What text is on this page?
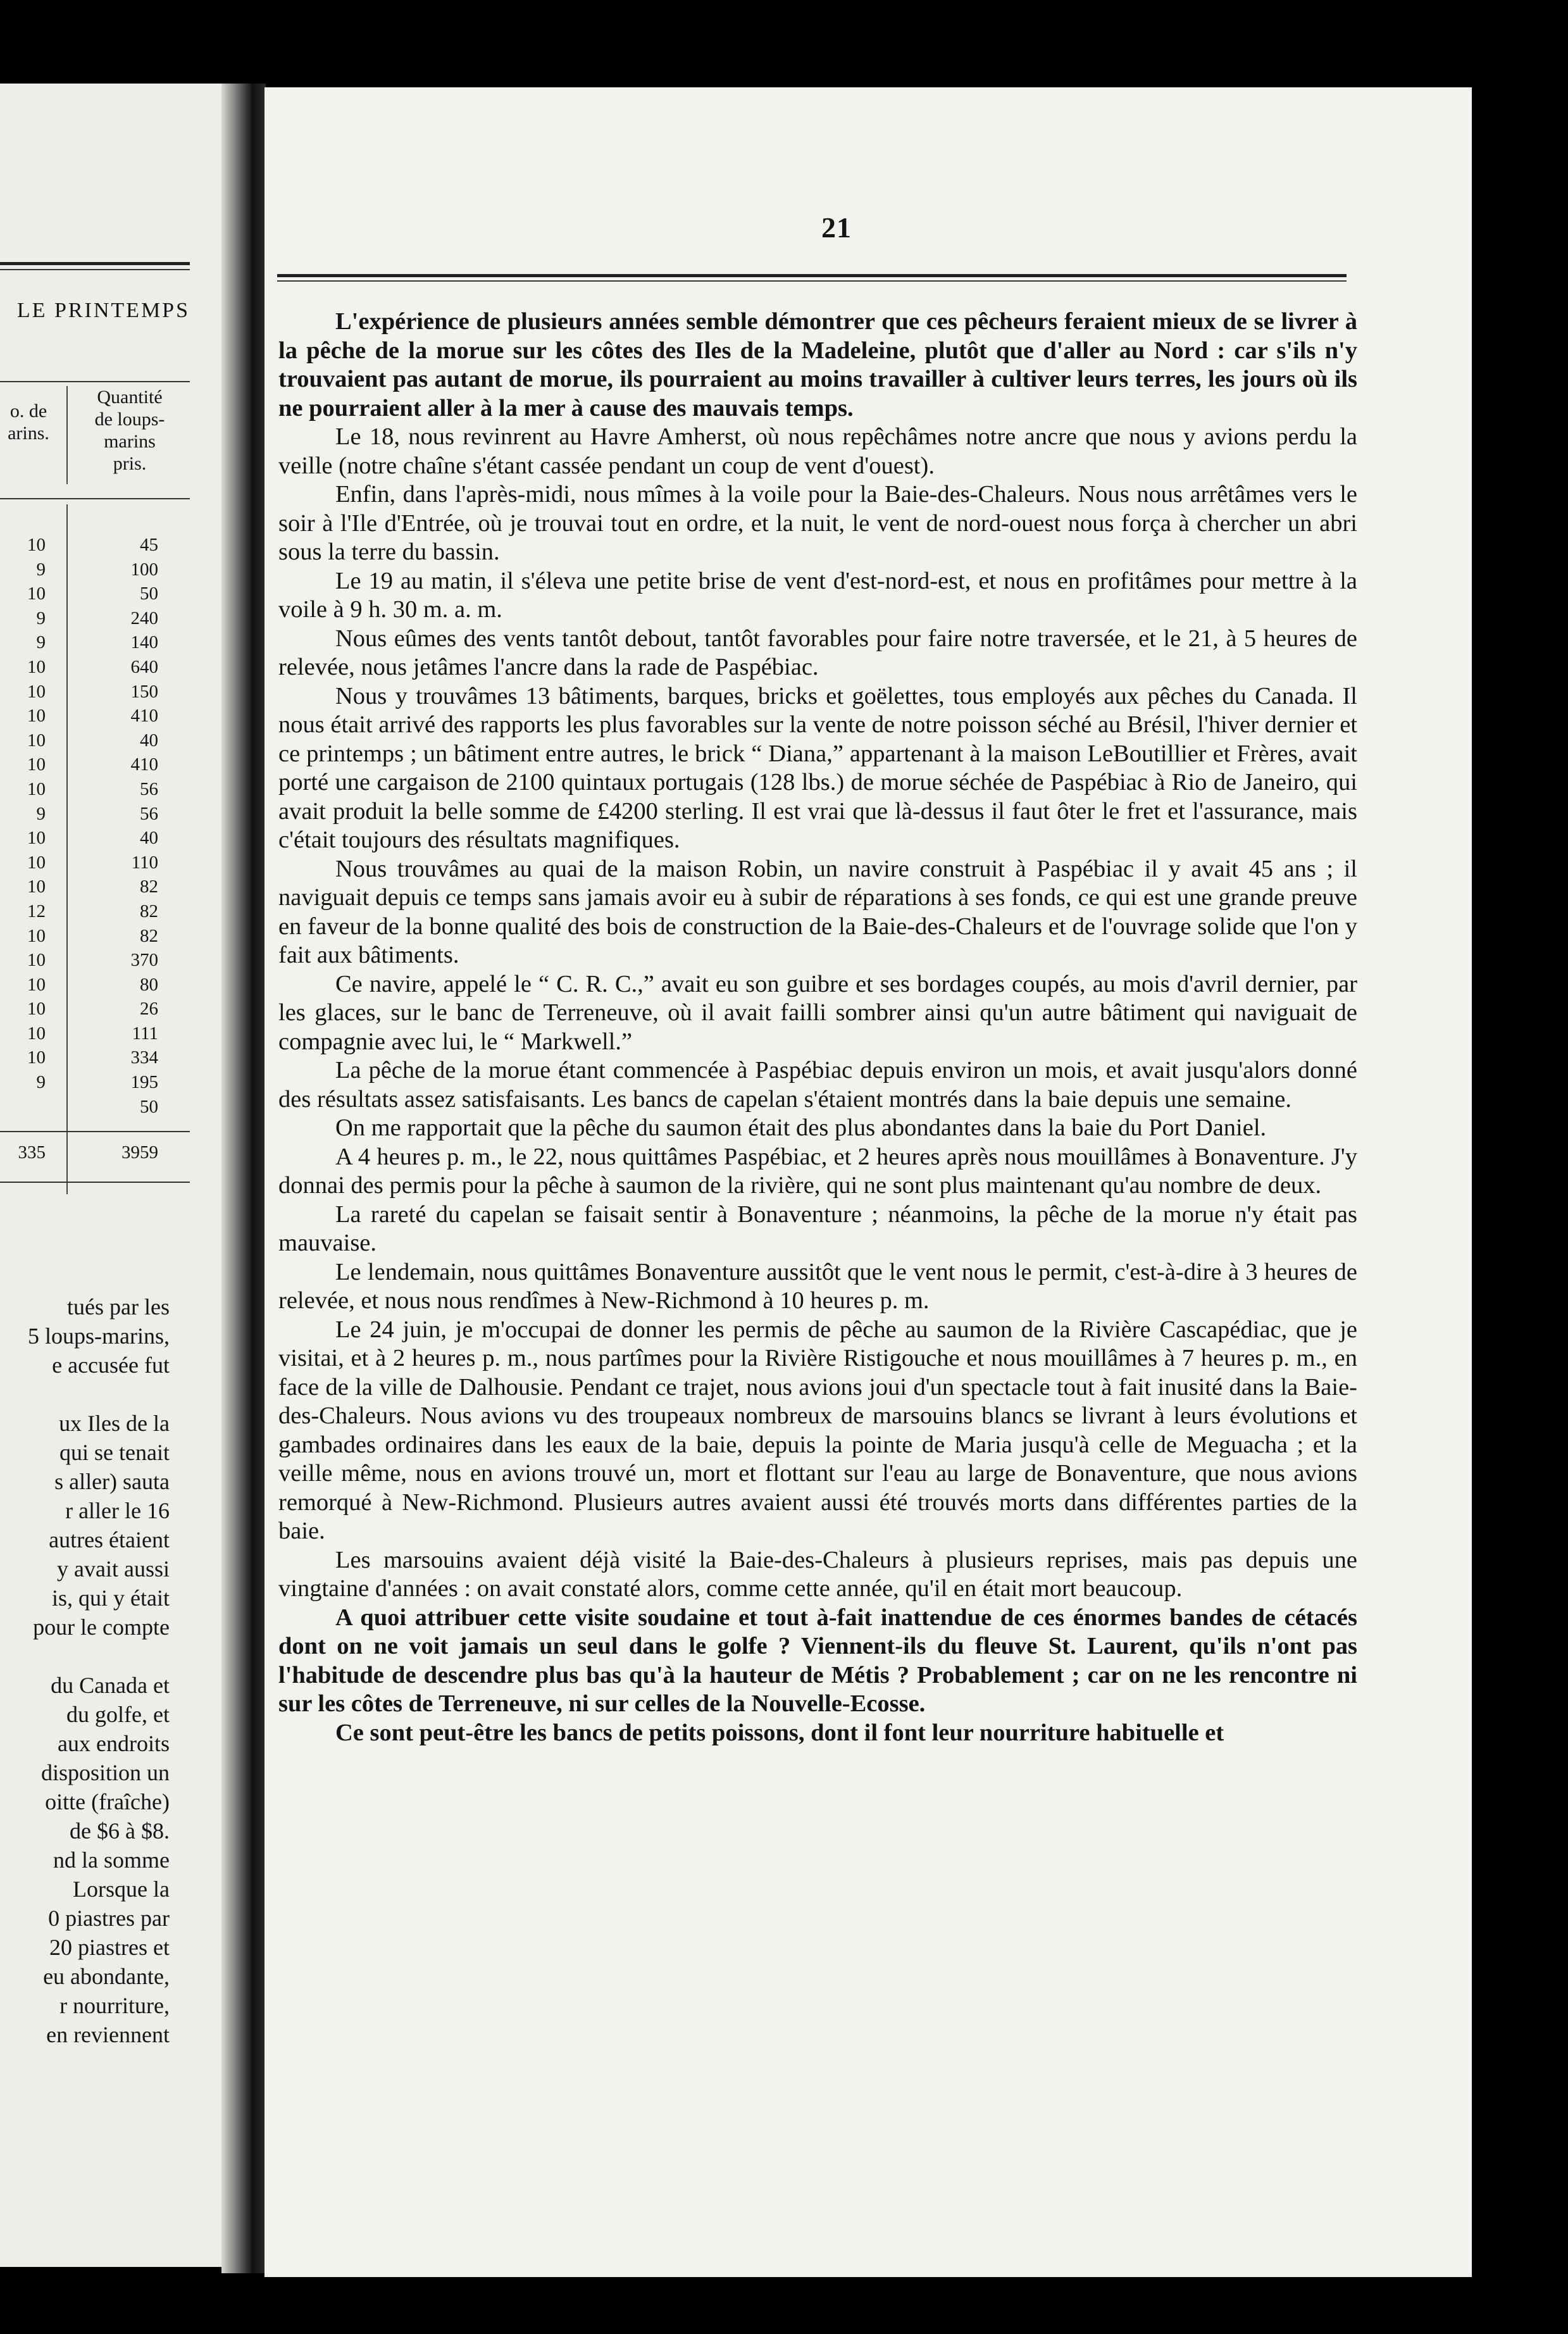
LE PRINTEMPS
o. de
arins.
Quantité
de loups-
marins
pris.
10
9
10
9
9
10
10
10
10
10
10
9
10
10
10
12
10
10
10
10
10
10
9
45
100
50
240
140
640
150
410
40
410
56
56
40
110
82
82
82
370
80
26
111
334
195
50
335	3959
tués par les
5 loups-marins,
e accusée fut

ux Iles de la
qui se tenait
s aller) sauta
r aller le 16
autres étaient
y avait aussi
is, qui y était
pour le compte

du Canada et
du golfe, et
aux endroits
disposition un
oitte (fraîche)
de $6 à $8.
nd la somme
Lorsque la
0 piastres par
20 piastres et
eu abondante,
r nourriture,
en reviennent
21

L'expérience de plusieurs années semble démontrer que ces pêcheurs feraient mieux de se livrer à la pêche de la morue sur les côtes des Iles de la Madeleine, plutôt que d'aller au Nord : car s'ils n'y trouvaient pas autant de morue, ils pourraient au moins travailler à cultiver leurs terres, les jours où ils ne pourraient aller à la mer à cause des mauvais temps.

Le 18, nous revinrent au Havre Amherst, où nous repêchâmes notre ancre que nous y avions perdu la veille (notre chaîne s'étant cassée pendant un coup de vent d'ouest).

Enfin, dans l'après-midi, nous mîmes à la voile pour la Baie-des-Chaleurs. Nous nous arrêtâmes vers le soir à l'Ile d'Entrée, où je trouvai tout en ordre, et la nuit, le vent de nord-ouest nous força à chercher un abri sous la terre du bassin.

Le 19 au matin, il s'éleva une petite brise de vent d'est-nord-est, et nous en profitâmes pour mettre à la voile à 9 h. 30 m. a. m.

Nous eûmes des vents tantôt debout, tantôt favorables pour faire notre traversée, et le 21, à 5 heures de relevée, nous jetâmes l'ancre dans la rade de Paspébiac.

Nous y trouvâmes 13 bâtiments, barques, bricks et goëlettes, tous employés aux pêches du Canada. Il nous était arrivé des rapports les plus favorables sur la vente de notre poisson séché au Brésil, l'hiver dernier et ce printemps ; un bâtiment entre autres, le brick “ Diana,” appartenant à la maison LeBoutillier et Frères, avait porté une cargaison de 2100 quintaux portugais (128 lbs.) de morue séchée de Paspébiac à Rio de Janeiro, qui avait produit la belle somme de £4200 sterling. Il est vrai que là-dessus il faut ôter le fret et l'assurance, mais c'était toujours des résultats magnifiques.

Nous trouvâmes au quai de la maison Robin, un navire construit à Paspébiac il y avait 45 ans ; il naviguait depuis ce temps sans jamais avoir eu à subir de réparations à ses fonds, ce qui est une grande preuve en faveur de la bonne qualité des bois de construction de la Baie-des-Chaleurs et de l'ouvrage solide que l'on y fait aux bâtiments.

Ce navire, appelé le “ C. R. C.,” avait eu son guibre et ses bordages coupés, au mois d'avril dernier, par les glaces, sur le banc de Terreneuve, où il avait failli sombrer ainsi qu'un autre bâtiment qui naviguait de compagnie avec lui, le “ Markwell.”

La pêche de la morue étant commencée à Paspébiac depuis environ un mois, et avait jusqu'alors donné des résultats assez satisfaisants. Les bancs de capelan s'étaient montrés dans la baie depuis une semaine.

On me rapportait que la pêche du saumon était des plus abondantes dans la baie du Port Daniel.

A 4 heures p. m., le 22, nous quittâmes Paspébiac, et 2 heures après nous mouillâmes à Bonaventure. J'y donnai des permis pour la pêche à saumon de la rivière, qui ne sont plus maintenant qu'au nombre de deux.

La rareté du capelan se faisait sentir à Bonaventure ; néanmoins, la pêche de la morue n'y était pas mauvaise.

Le lendemain, nous quittâmes Bonaventure aussitôt que le vent nous le permit, c'est-à-dire à 3 heures de relevée, et nous nous rendîmes à New-Richmond à 10 heures p. m.

Le 24 juin, je m'occupai de donner les permis de pêche au saumon de la Rivière Cascapédiac, que je visitai, et à 2 heures p. m., nous partîmes pour la Rivière Ristigouche et nous mouillâmes à 7 heures p. m., en face de la ville de Dalhousie. Pendant ce trajet, nous avions joui d'un spectacle tout à fait inusité dans la Baie-des-Chaleurs. Nous avions vu des troupeaux nombreux de marsouins blancs se livrant à leurs évolutions et gambades ordinaires dans les eaux de la baie, depuis la pointe de Maria jusqu'à celle de Meguacha ; et la veille même, nous en avions trouvé un, mort et flottant sur l'eau au large de Bonaventure, que nous avions remorqué à New-Richmond. Plusieurs autres avaient aussi été trouvés morts dans différentes parties de la baie.

Les marsouins avaient déjà visité la Baie-des-Chaleurs à plusieurs reprises, mais pas depuis une vingtaine d'années : on avait constaté alors, comme cette année, qu'il en était mort beaucoup.

A quoi attribuer cette visite soudaine et tout à-fait inattendue de ces énormes bandes de cétacés dont on ne voit jamais un seul dans le golfe ? Viennent-ils du fleuve St. Laurent, qu'ils n'ont pas l'habitude de descendre plus bas qu'à la hauteur de Métis ? Probablement ; car on ne les rencontre ni sur les côtes de Terreneuve, ni sur celles de la Nouvelle-Ecosse.

Ce sont peut-être les bancs de petits poissons, dont il font leur nourriture habituelle et
